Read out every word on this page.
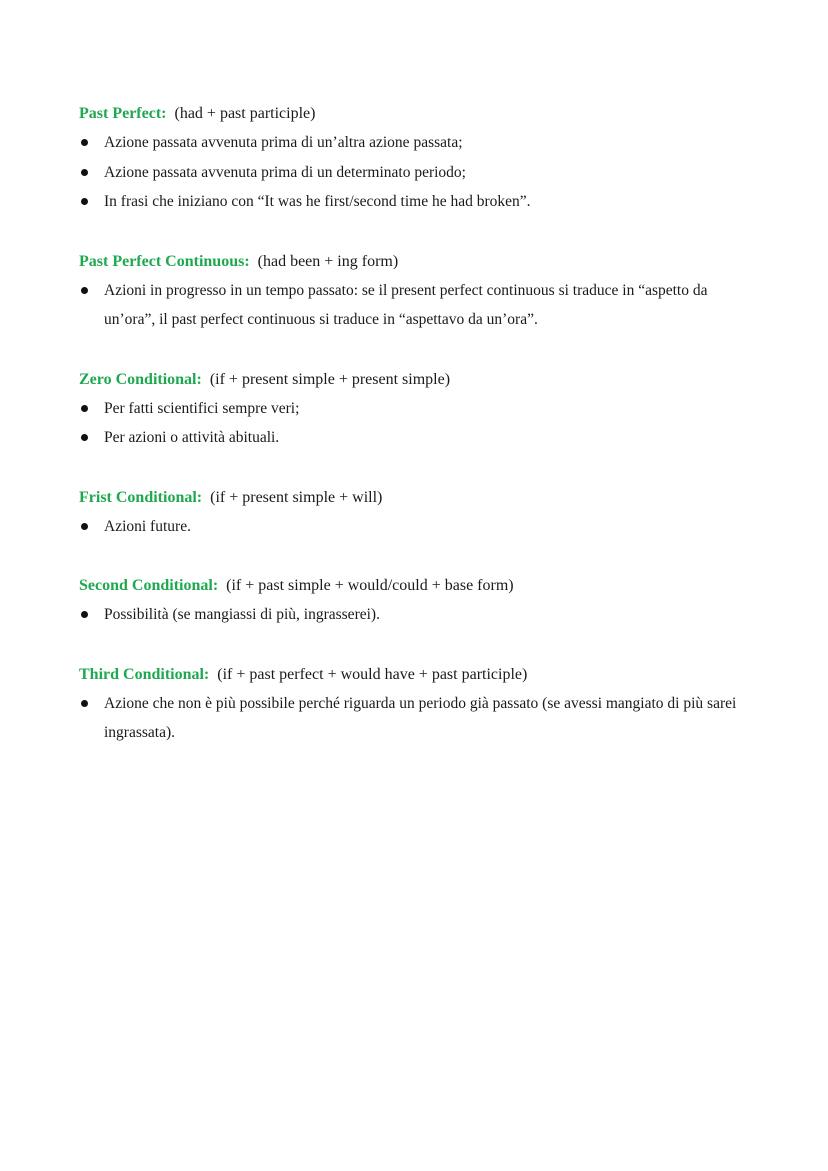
Past Perfect: (had + past participle)
Azione passata avvenuta prima di un’altra azione passata;
Azione passata avvenuta prima di un determinato periodo;
In frasi che iniziano con “It was he first/second time he had broken”.
Past Perfect Continuous: (had been + ing form)
Azioni in progresso in un tempo passato: se il present perfect continuous si traduce in “aspetto da un’ora”, il past perfect continuous si traduce in “aspettavo da un’ora”.
Zero Conditional: (if + present simple + present simple)
Per fatti scientifici sempre veri;
Per azioni o attività abituali.
Frist Conditional: (if + present simple + will)
Azioni future.
Second Conditional: (if + past simple + would/could + base form)
Possibilità (se mangiassi di più, ingrasserei).
Third Conditional: (if + past perfect + would have + past participle)
Azione che non è più possibile perché riguarda un periodo già passato (se avessi mangiato di più sarei ingrassata).
